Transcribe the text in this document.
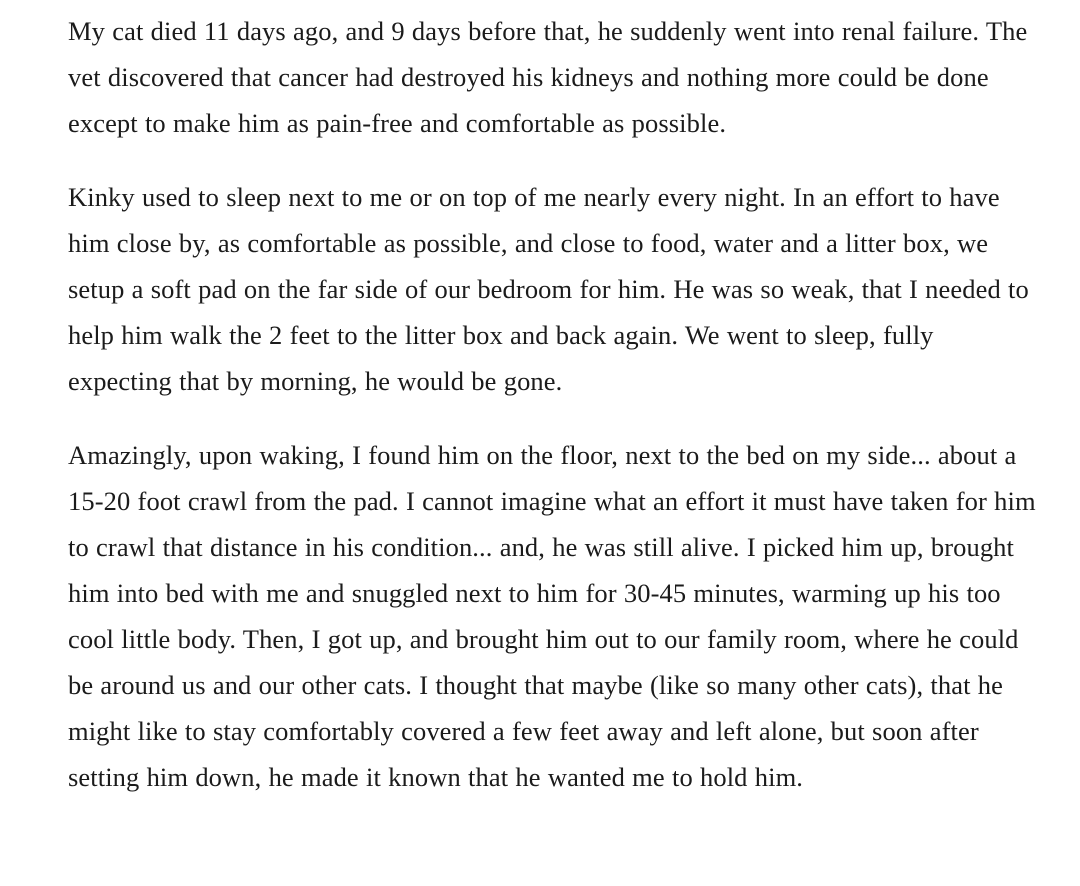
My cat died 11 days ago, and 9 days before that, he suddenly went into renal failure. The vet discovered that cancer had destroyed his kidneys and nothing more could be done except to make him as pain-free and comfortable as possible.

Kinky used to sleep next to me or on top of me nearly every night. In an effort to have him close by, as comfortable as possible, and close to food, water and a litter box, we setup a soft pad on the far side of our bedroom for him. He was so weak, that I needed to help him walk the 2 feet to the litter box and back again. We went to sleep, fully expecting that by morning, he would be gone.

Amazingly, upon waking, I found him on the floor, next to the bed on my side... about a 15-20 foot crawl from the pad. I cannot imagine what an effort it must have taken for him to crawl that distance in his condition... and, he was still alive. I picked him up, brought him into bed with me and snuggled next to him for 30-45 minutes, warming up his too cool little body. Then, I got up, and brought him out to our family room, where he could be around us and our other cats. I thought that maybe (like so many other cats), that he might like to stay comfortably covered a few feet away and left alone, but soon after setting him down, he made it known that he wanted me to hold him.
